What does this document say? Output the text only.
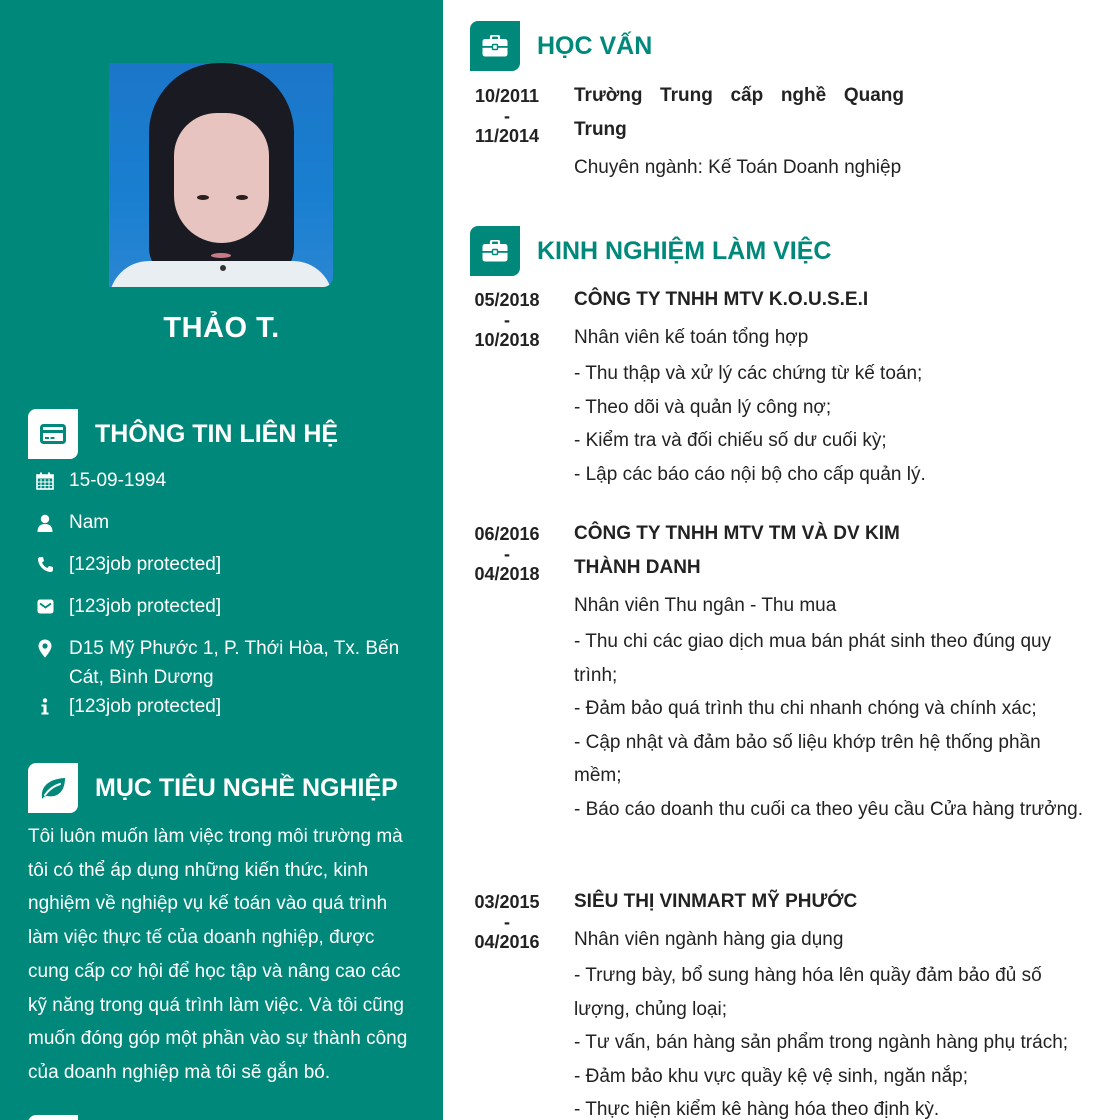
THẢO T.
THÔNG TIN LIÊN HỆ
15-09-1994
Nam
[123job protected]
[123job protected]
D15 Mỹ Phước 1, P. Thới Hòa, Tx. Bến Cát, Bình Dương
[123job protected]
MỤC TIÊU NGHỀ NGHIỆP
Tôi luôn muốn làm việc trong môi trường mà tôi có thể áp dụng những kiến thức, kinh nghiệm về nghiệp vụ kế toán vào quá trình làm việc thực tế của doanh nghiệp, được cung cấp cơ hội để học tập và nâng cao các kỹ năng trong quá trình làm việc. Và tôi cũng muốn đóng góp một phần vào sự thành công của doanh nghiệp mà tôi sẽ gắn bó.
HỌC VẤN
10/2011
-
11/2014
Trường Trung cấp nghề Quang Trung
Chuyên ngành: Kế Toán Doanh nghiệp
KINH NGHIỆM LÀM VIỆC
05/2018
-
10/2018
CÔNG TY TNHH MTV K.O.U.S.E.I
Nhân viên kế toán tổng hợp
- Thu thập và xử lý các chứng từ kế toán;
- Theo dõi và quản lý công nợ;
- Kiểm tra và đối chiếu số dư cuối kỳ;
- Lập các báo cáo nội bộ cho cấp quản lý.
06/2016
-
04/2018
CÔNG TY TNHH MTV TM VÀ DV KIM THÀNH DANH
Nhân viên Thu ngân - Thu mua
- Thu chi các giao dịch mua bán phát sinh theo đúng quy trình;
- Đảm bảo quá trình thu chi nhanh chóng và chính xác;
- Cập nhật và đảm bảo số liệu khớp trên hệ thống phần mềm;
- Báo cáo doanh thu cuối ca theo yêu cầu Cửa hàng trưởng.
03/2015
-
04/2016
SIÊU THỊ VINMART MỸ PHƯỚC
Nhân viên ngành hàng gia dụng
- Trưng bày, bổ sung hàng hóa lên quầy đảm bảo đủ số lượng, chủng loại;
- Tư vấn, bán hàng sản phẩm trong ngành hàng phụ trách;
- Đảm bảo khu vực quầy kệ vệ sinh, ngăn nắp;
- Thực hiện kiểm kê hàng hóa theo định kỳ.
